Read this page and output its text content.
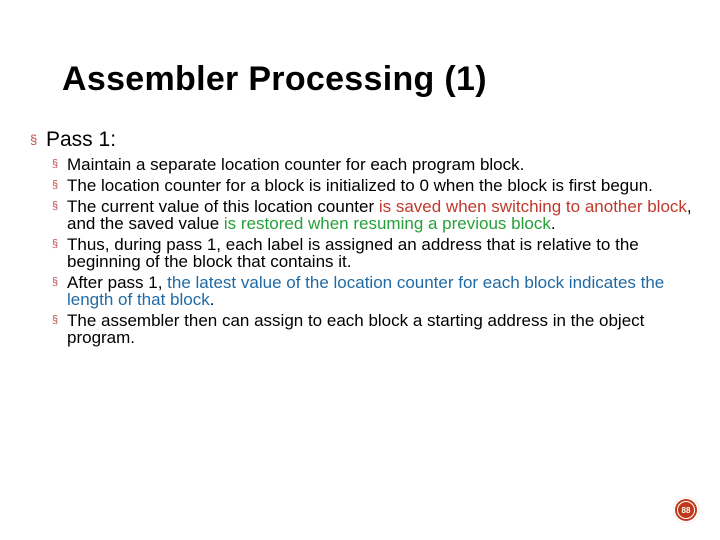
Assembler Processing (1)
§ Pass 1:
§ Maintain a separate location counter for each program block.
§ The location counter for a block is initialized to 0 when the block is first begun.
§ The current value of this location counter is saved when switching to another block, and the saved value is restored when resuming a previous block.
§ Thus, during pass 1, each label is assigned an address that is relative to the beginning of the block that contains it.
§ After pass 1, the latest value of the location counter for each block indicates the length of that block.
§ The assembler then can assign to each block a starting address in the object program.
88
